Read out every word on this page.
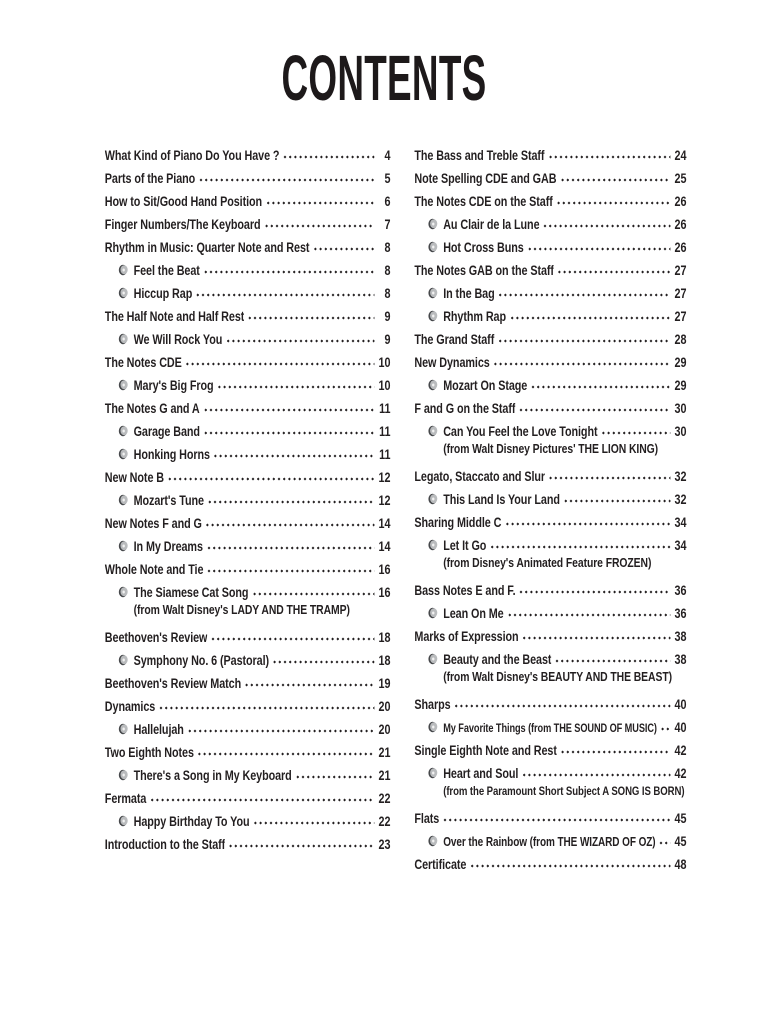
CONTENTS
What Kind of Piano Do You Have ?	4
Parts of the Piano	5
How to Sit/Good Hand Position	6
Finger Numbers/The Keyboard	7
Rhythm in Music: Quarter Note and Rest	8
Feel the Beat	8
Hiccup Rap	8
The Half Note and Half Rest	9
We Will Rock You	9
The Notes CDE	10
Mary's Big Frog	10
The Notes G and A	11
Garage Band	11
Honking Horns	11
New Note B	12
Mozart's Tune	12
New Notes F and G	14
In My Dreams	14
Whole Note and Tie	16
The Siamese Cat Song	16
(from Walt Disney's LADY AND THE TRAMP)
Beethoven's Review	18
Symphony No. 6 (Pastoral)	18
Beethoven's Review Match	19
Dynamics	20
Hallelujah	20
Two Eighth Notes	21
There's a Song in My Keyboard	21
Fermata	22
Happy Birthday To You	22
Introduction to the Staff	23
The Bass and Treble Staff	24
Note Spelling CDE and GAB	25
The Notes CDE on the Staff	26
Au Clair de la Lune	26
Hot Cross Buns	26
The Notes GAB on the Staff	27
In the Bag	27
Rhythm Rap	27
The Grand Staff	28
New Dynamics	29
Mozart On Stage	29
F and G on the Staff	30
Can You Feel the Love Tonight	30
(from Walt Disney Pictures' THE LION KING)
Legato, Staccato and Slur	32
This Land Is Your Land	32
Sharing Middle C	34
Let It Go	34
(from Disney's Animated Feature FROZEN)
Bass Notes E and F.	36
Lean On Me	36
Marks of Expression	38
Beauty and the Beast	38
(from Walt Disney's BEAUTY AND THE BEAST)
Sharps	40
My Favorite Things (from THE SOUND OF MUSIC) 40
Single Eighth Note and Rest	42
Heart and Soul	42
(from the Paramount Short Subject A SONG IS BORN)
Flats	45
Over the Rainbow (from THE WIZARD OF OZ) 45
Certificate	48
